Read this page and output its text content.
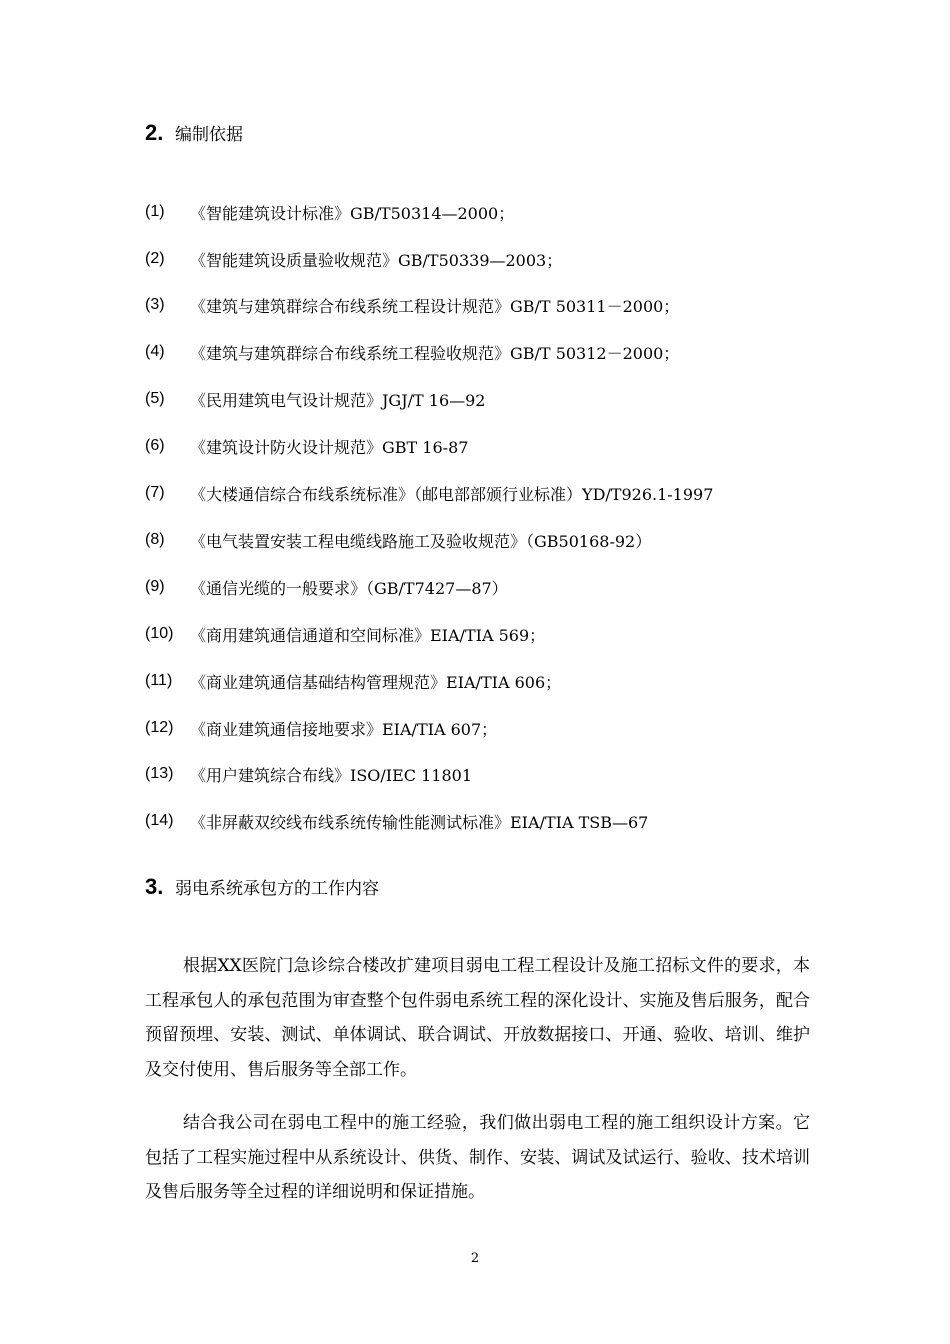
2. 编制依据
(1)	《智能建筑设计标准》GB/T50314—2000；
(2)	《智能建筑设质量验收规范》GB/T50339—2003；
(3)	《建筑与建筑群综合布线系统工程设计规范》GB/T 50311－2000；
(4)	《建筑与建筑群综合布线系统工程验收规范》GB/T 50312－2000；
(5)	《民用建筑电气设计规范》JGJ/T 16—92
(6)	《建筑设计防火设计规范》GBT 16-87
(7)	《大楼通信综合布线系统标准》（邮电部部颁行业标准）YD/T926.1-1997
(8)	《电气装置安装工程电缆线路施工及验收规范》（GB50168-92）
(9)	《通信光缆的一般要求》（GB/T7427—87）
(10)	《商用建筑通信通道和空间标准》EIA/TIA 569；
(11)	《商业建筑通信基础结构管理规范》EIA/TIA 606；
(12)	《商业建筑通信接地要求》EIA/TIA 607；
(13)	《用户建筑综合布线》ISO/IEC 11801
(14)	《非屏蔽双绞线布线系统传输性能测试标准》EIA/TIA TSB—67
3. 弱电系统承包方的工作内容

根据XX医院门急诊综合楼改扩建项目弱电工程工程设计及施工招标文件的要求，本工程承包人的承包范围为审查整个包件弱电系统工程的深化设计、实施及售后服务，配合预留预埋、安装、测试、单体调试、联合调试、开放数据接口、开通、验收、培训、维护及交付使用、售后服务等全部工作。

结合我公司在弱电工程中的施工经验，我们做出弱电工程的施工组织设计方案。它包括了工程实施过程中从系统设计、供货、制作、安装、调试及试运行、验收、技术培训及售后服务等全过程的详细说明和保证措施。

2
